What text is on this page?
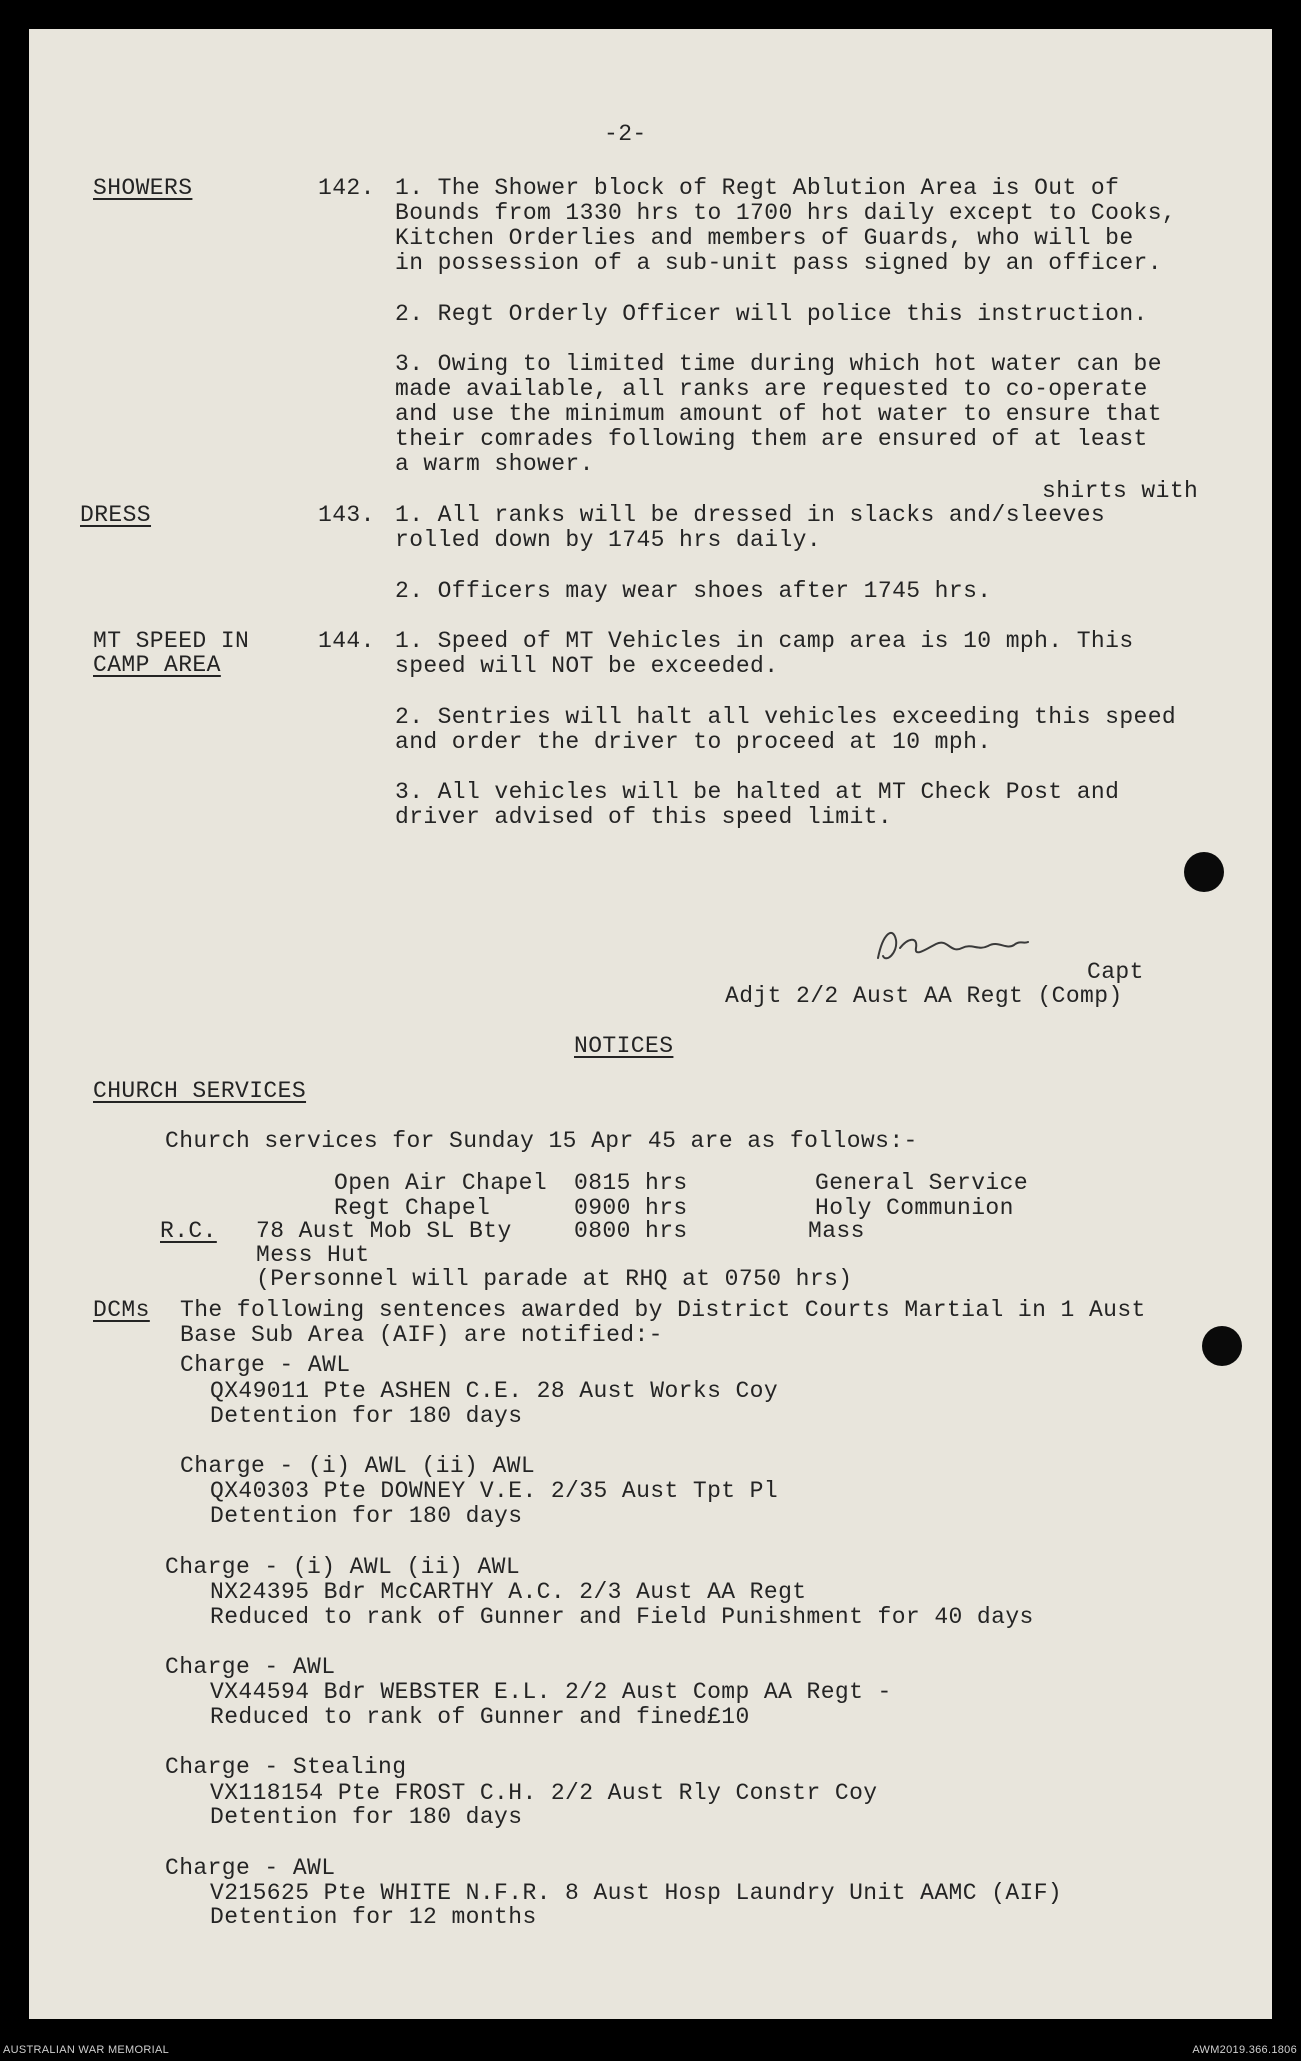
-2-
SHOWERS	142. 1. The Shower block of Regt Ablution Area is Out of
Bounds from 1330 hrs to 1700 hrs daily except to Cooks,
Kitchen Orderlies and members of Guards, who will be
in possession of a sub-unit pass signed by an officer.
2. Regt Orderly Officer will police this instruction.
3. Owing to limited time during which hot water can be
made available, all ranks are requested to co-operate
and use the minimum amount of hot water to ensure that
their comrades following them are ensured of at least
a warm shower.
shirts with
DRESS	143. 1. All ranks will be dressed in slacks and/sleeves
rolled down by 1745 hrs daily.
2. Officers may wear shoes after 1745 hrs.
MT SPEED IN
CAMP AREA
144. 1. Speed of MT Vehicles in camp area is 10 mph. This
speed will NOT be exceeded.
2. Sentries will halt all vehicles exceeding this speed
and order the driver to proceed at 10 mph.
3. All vehicles will be halted at MT Check Post and
driver advised of this speed limit.
Capt
Adjt 2/2 Aust AA Regt (Comp)
NOTICES
CHURCH SERVICES
Church services for Sunday 15 Apr 45 are as follows:-
Open Air Chapel 0815 hrs	General Service
Regt Chapel	0900 hrs	Holy Communion
R.C. 78 Aust Mob SL Bty	0800 hrs	Mass
Mess Hut
(Personnel will parade at RHQ at 0750 hrs)
DCMs The following sentences awarded by District Courts Martial in 1 Aust
Base Sub Area (AIF) are notified:-
Charge - AWL
QX49011 Pte ASHEN C.E. 28 Aust Works Coy
Detention for 180 days
Charge - (i) AWL (ii) AWL
QX40303 Pte DOWNEY V.E. 2/35 Aust Tpt Pl
Detention for 180 days
Charge - (i) AWL (ii) AWL
NX24395 Bdr McCARTHY A.C. 2/3 Aust AA Regt
Reduced to rank of Gunner and Field Punishment for 40 days
Charge - AWL
VX44594 Bdr WEBSTER E.L. 2/2 Aust Comp AA Regt -
Reduced to rank of Gunner and fined£10
Charge - Stealing
VX118154 Pte FROST C.H. 2/2 Aust Rly Constr Coy
Detention for 180 days
Charge - AWL
V215625 Pte WHITE N.F.R. 8 Aust Hosp Laundry Unit AAMC (AIF)
Detention for 12 months
AUSTRALIAN WAR MEMORIAL	AWM2019.366.1806
